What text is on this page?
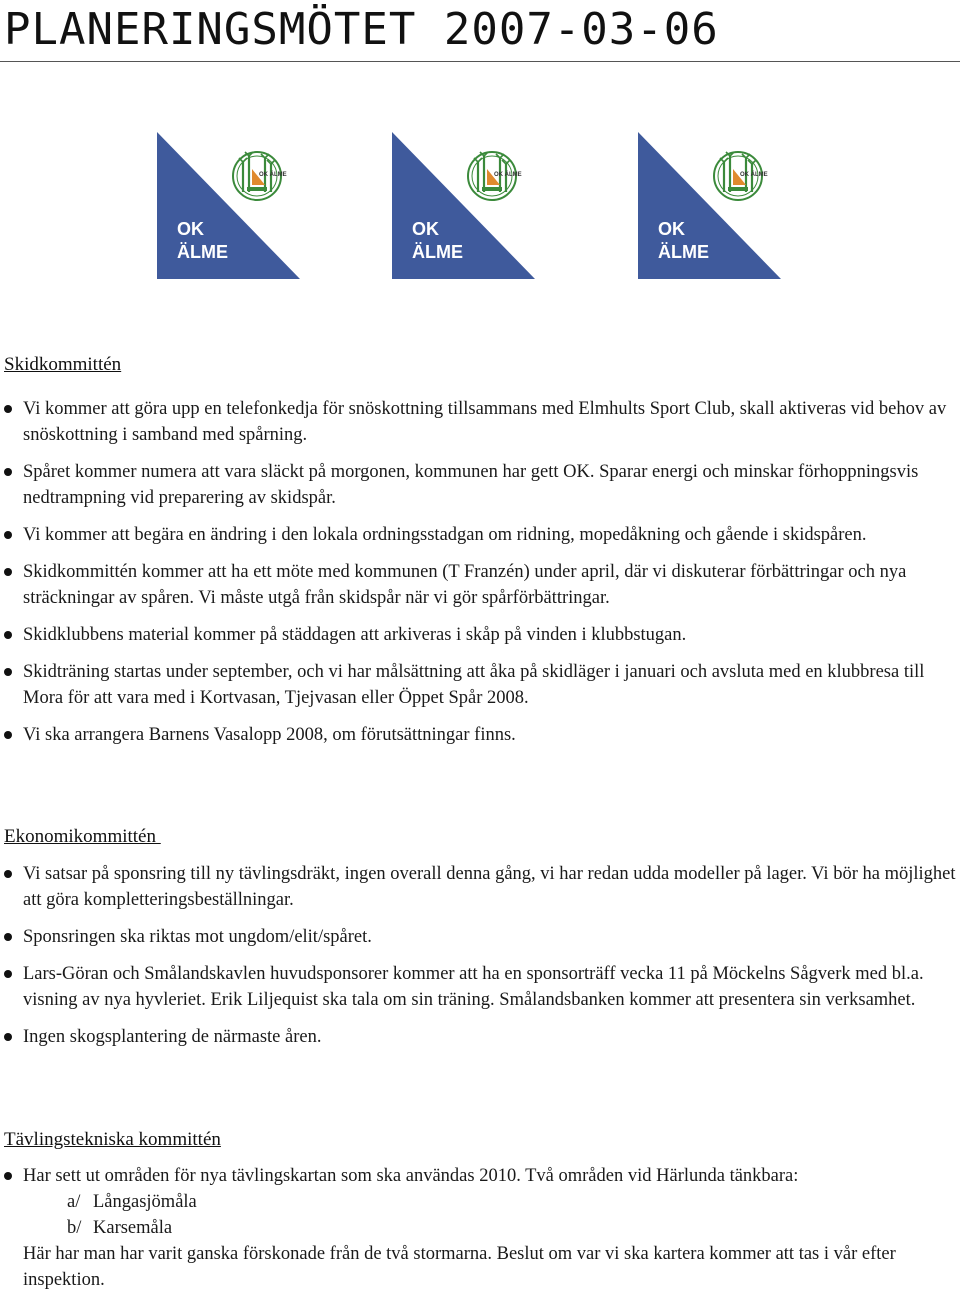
PLANERINGSMÖTET 2007-03-06
OK ÄLME
OK
ÄLME
OK ÄLME
OK
ÄLME
OK ÄLME
OK
ÄLME
Skidkommittén
Vi kommer att göra upp en telefonkedja för snöskottning tillsammans med Elmhults Sport Club, skall aktiveras vid behov av snöskottning i samband med spårning.
Spåret kommer numera att vara släckt på morgonen, kommunen har gett OK. Sparar energi och minskar förhoppningsvis nedtrampning vid preparering av skidspår.
Vi kommer att begära en ändring i den lokala ordningsstadgan om ridning, mopedåkning och gående i skidspåren.
Skidkommittén kommer att ha ett möte med kommunen (T Franzén) under april, där vi diskuterar förbättringar och nya sträckningar av spåren. Vi måste utgå från skidspår när vi gör spårförbättringar.
Skidklubbens material kommer på städdagen att arkiveras i skåp på vinden i klubbstugan.
Skidträning startas under september, och vi har målsättning att åka på skidläger i januari och avsluta med en klubbresa till Mora för att vara med i Kortvasan, Tjejvasan eller Öppet Spår 2008.
Vi ska arrangera Barnens Vasalopp 2008, om förutsättningar finns.
Ekonomikommittén
Vi satsar på sponsring till ny tävlingsdräkt, ingen overall denna gång, vi har redan udda modeller på lager. Vi bör ha möjlighet att göra kompletteringsbeställningar.
Sponsringen ska riktas mot ungdom/elit/spåret.
Lars-Göran och Smålandskavlen huvudsponsorer kommer att ha en sponsorträff vecka 11 på Möckelns Sågverk med bl.a. visning av nya hyvleriet. Erik Liljequist ska tala om sin träning. Smålandsbanken kommer att presentera sin verksamhet.
Ingen skogsplantering de närmaste åren.
Tävlingstekniska kommittén
Har sett ut områden för nya tävlingskartan som ska användas 2010. Två områden vid Härlunda tänkbara:
a/ Långasjömåla
b/ Karsemåla
Här har man har varit ganska förskonade från de två stormarna. Beslut om var vi ska kartera kommer att tas i vår efter inspektion.
